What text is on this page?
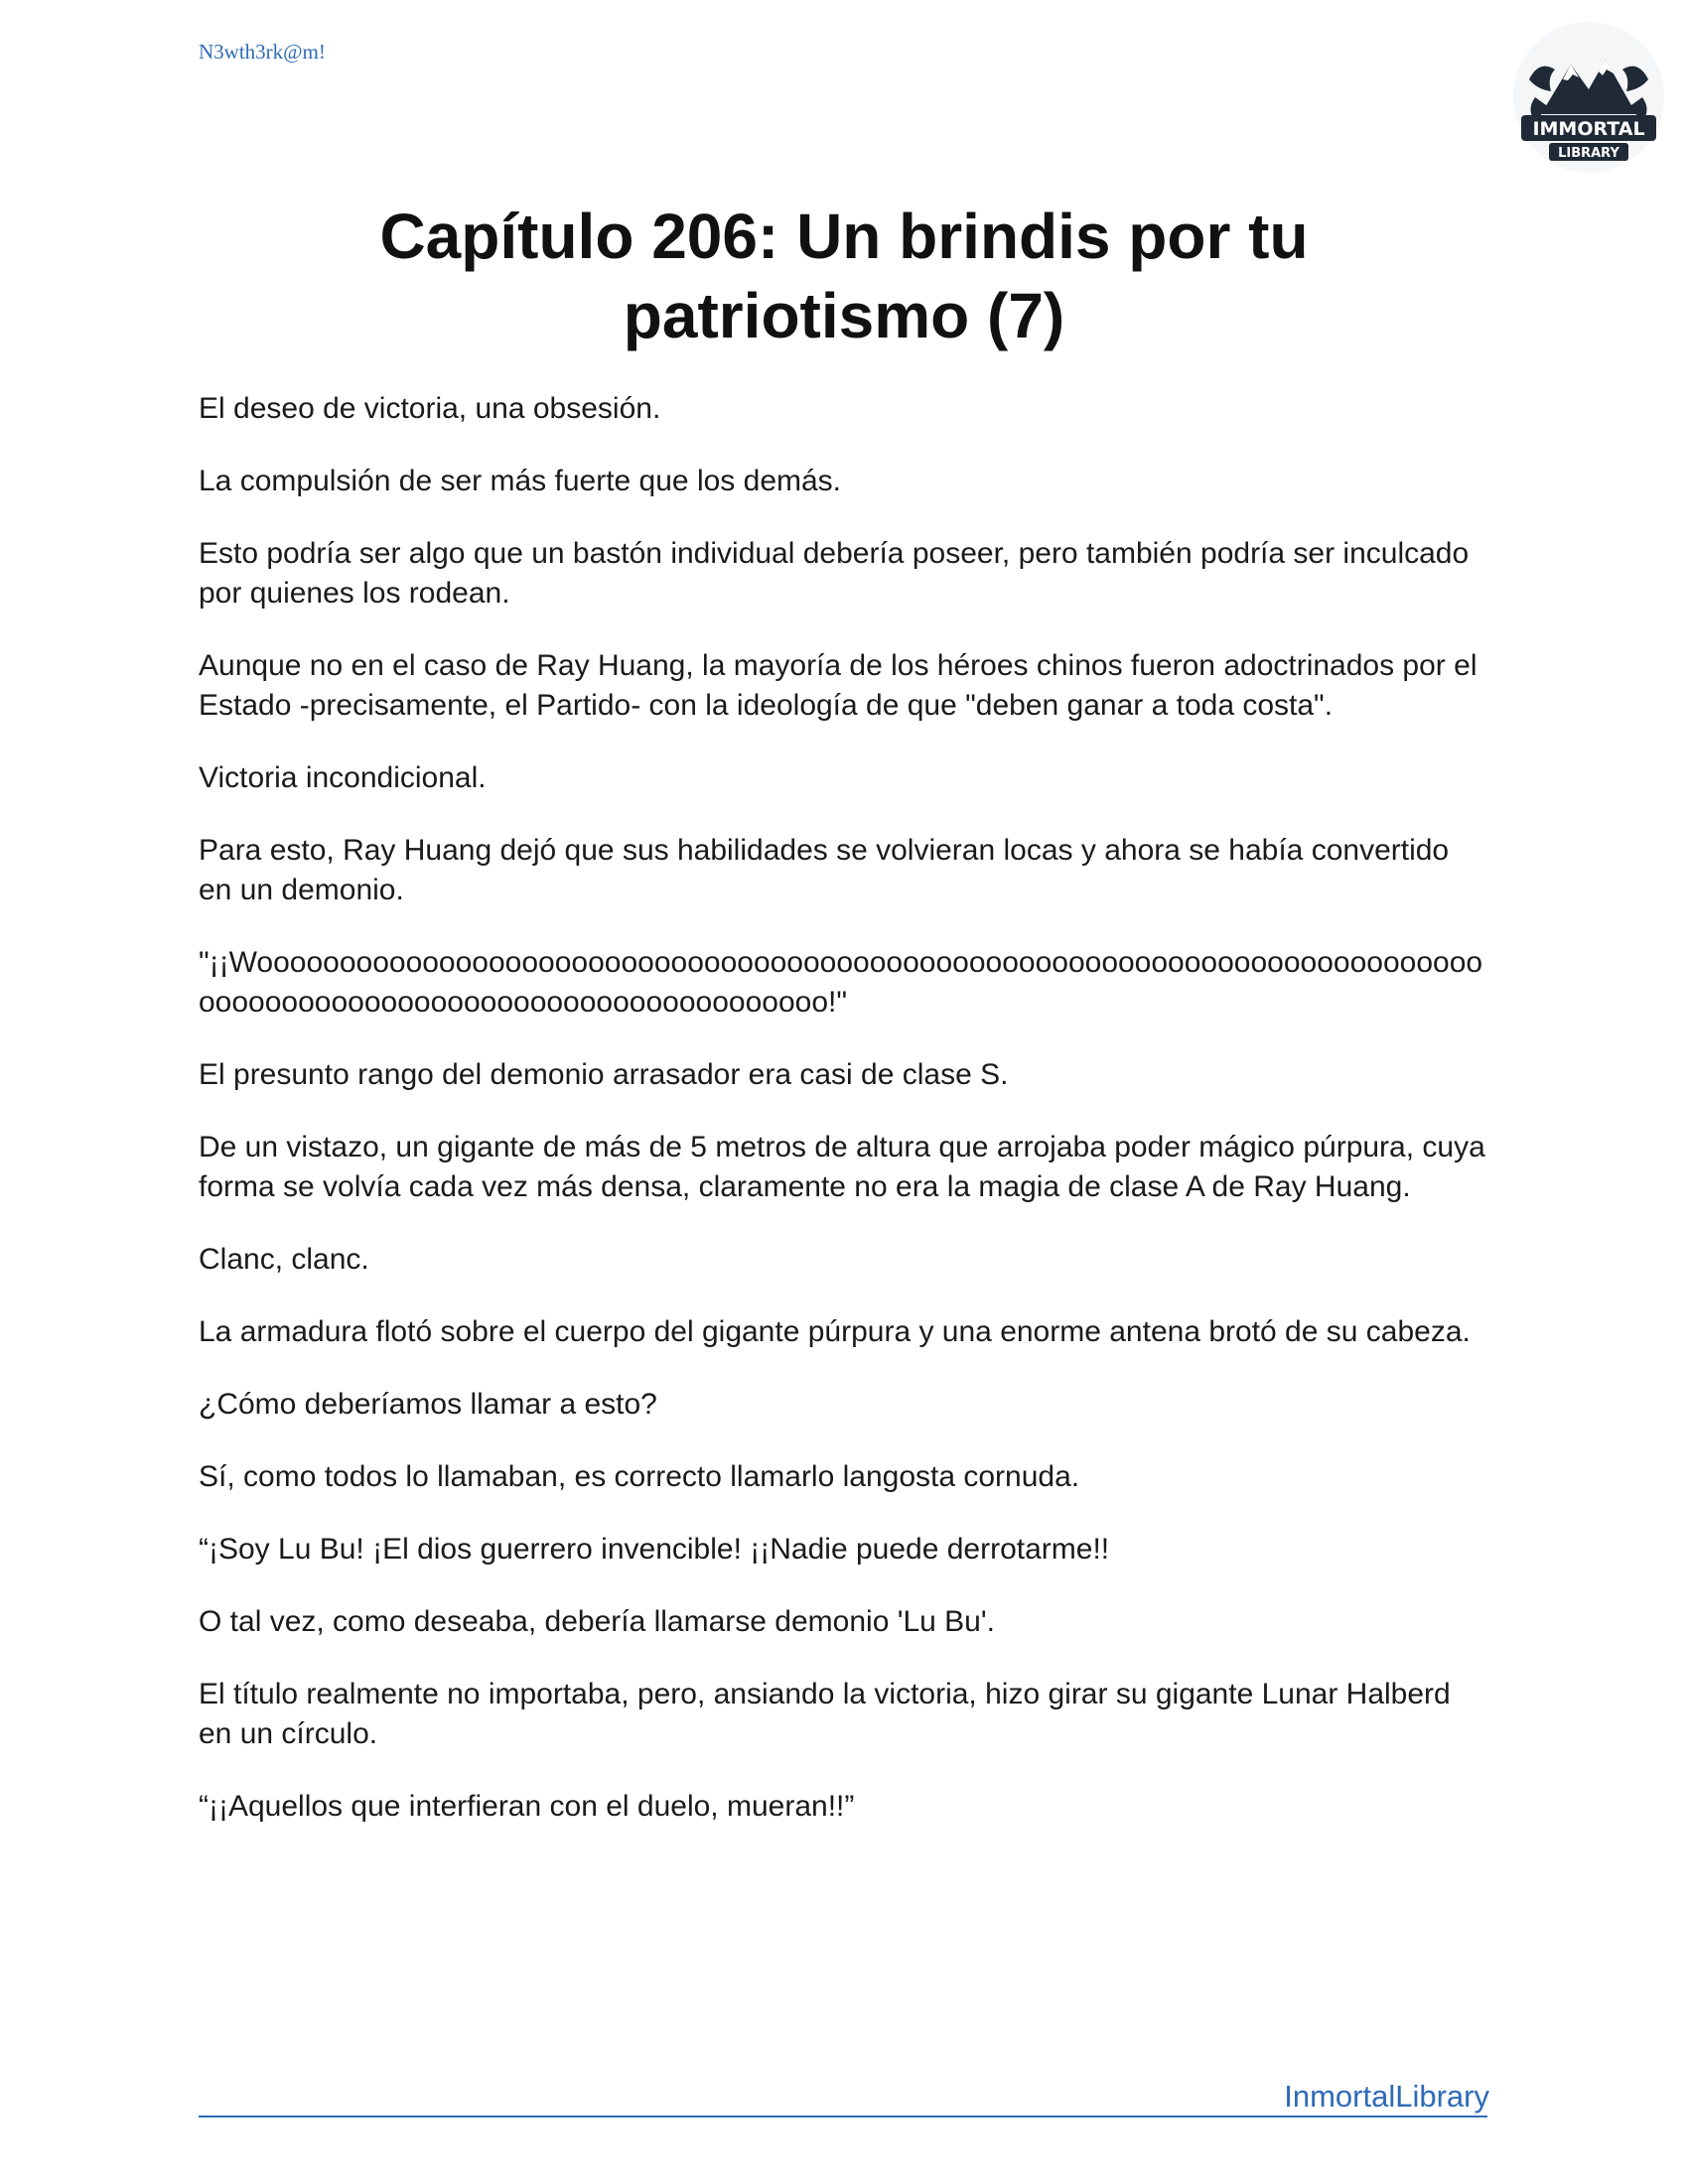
N3wth3rk@m!
IMMORTAL
LIBRARY
Capítulo 206: Un brindis por tu
patriotismo (7)

El deseo de victoria, una obsesión.

La compulsión de ser más fuerte que los demás.

Esto podría ser algo que un bastón individual debería poseer, pero también podría ser inculcado por quienes los rodean.

Aunque no en el caso de Ray Huang, la mayoría de los héroes chinos fueron adoctrinados por el Estado -precisamente, el Partido- con la ideología de que "deben ganar a toda costa".

Victoria incondicional.

Para esto, Ray Huang dejó que sus habilidades se volvieran locas y ahora se había convertido en un demonio.

"¡¡Woooooooooooooooooooooooooooooooooooooooooooooooooooooooooooooooooooooooooooooooooooooooooooooooooooooooooooooooo!"

El presunto rango del demonio arrasador era casi de clase S.

De un vistazo, un gigante de más de 5 metros de altura que arrojaba poder mágico púrpura, cuya forma se volvía cada vez más densa, claramente no era la magia de clase A de Ray Huang.

Clanc, clanc.

La armadura flotó sobre el cuerpo del gigante púrpura y una enorme antena brotó de su cabeza.

¿Cómo deberíamos llamar a esto?

Sí, como todos lo llamaban, es correcto llamarlo langosta cornuda.

“¡Soy Lu Bu! ¡El dios guerrero invencible! ¡¡Nadie puede derrotarme!!

O tal vez, como deseaba, debería llamarse demonio 'Lu Bu'.

El título realmente no importaba, pero, ansiando la victoria, hizo girar su gigante Lunar Halberd en un círculo.

“¡¡Aquellos que interfieran con el duelo, mueran!!”

InmortalLibrary
